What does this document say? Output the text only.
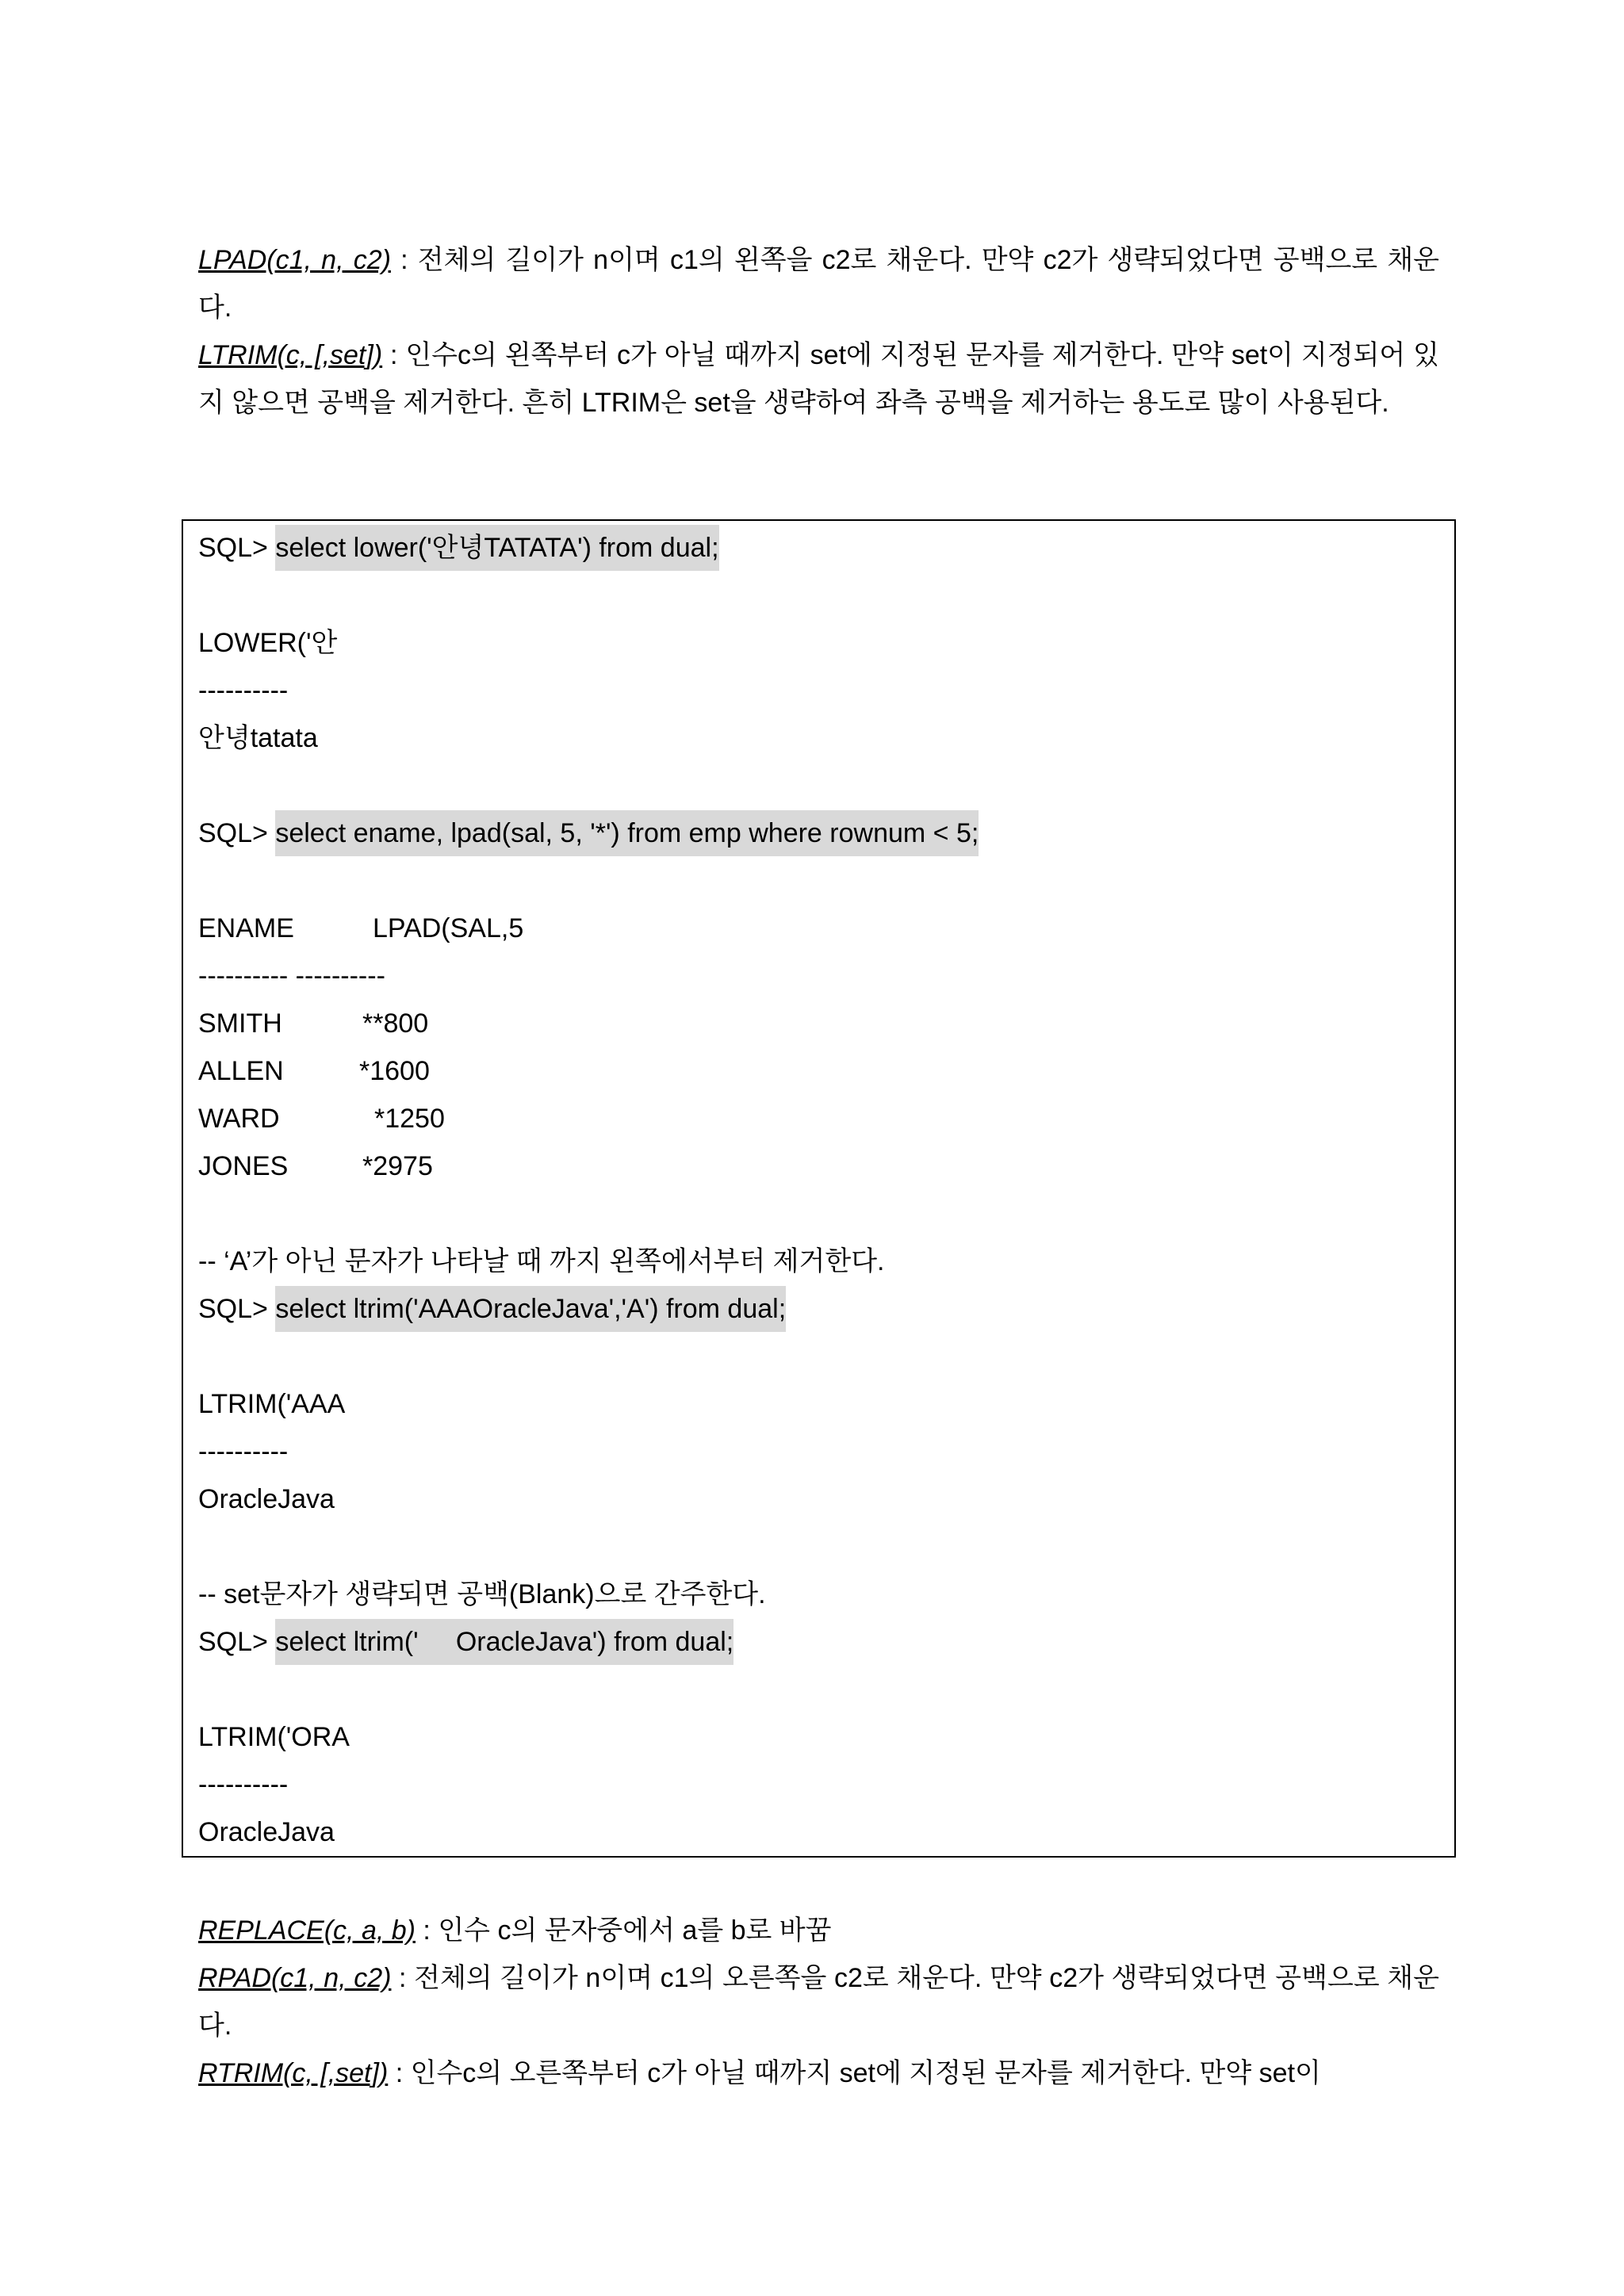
LPAD(c1, n, c2) : 전체의 길이가 n이며 c1의 왼쪽을 c2로 채운다. 만약 c2가 생략되었다면 공백으로 채운다.

LTRIM(c, [,set]) : 인수c의 왼쪽부터 c가 아닐 때까지 set에 지정된 문자를 제거한다. 만약 set이 지정되어 있지 않으면 공백을 제거한다. 흔히 LTRIM은 set을 생략하여 좌측 공백을 제거하는 용도로 많이 사용된다.

SQL> select lower('안녕TATATA') from dual;
LOWER('안
----------
안녕tatata
SQL> select ename, lpad(sal, 5, '*') from emp where rownum < 5;
ENAME	LPAD(SAL,5
---------- ----------
SMITH	**800
ALLEN	*1600
WARD	*1250
JONES	*2975
-- ‘A’가 아닌 문자가 나타날 때 까지 왼쪽에서부터 제거한다.
SQL> select ltrim('AAAOracleJava','A') from dual;
LTRIM('AAA
----------
OracleJava
-- set문자가 생략되면 공백(Blank)으로 간주한다.
SQL> select ltrim('     OracleJava') from dual;
LTRIM('ORA
----------
OracleJava

REPLACE(c, a, b) : 인수 c의 문자중에서 a를 b로 바꿈

RPAD(c1, n, c2) : 전체의 길이가 n이며 c1의 오른쪽을 c2로 채운다. 만약 c2가 생략되었다면 공백으로 채운다.

RTRIM(c, [,set]) : 인수c의 오른쪽부터 c가 아닐 때까지 set에 지정된 문자를 제거한다. 만약 set이
